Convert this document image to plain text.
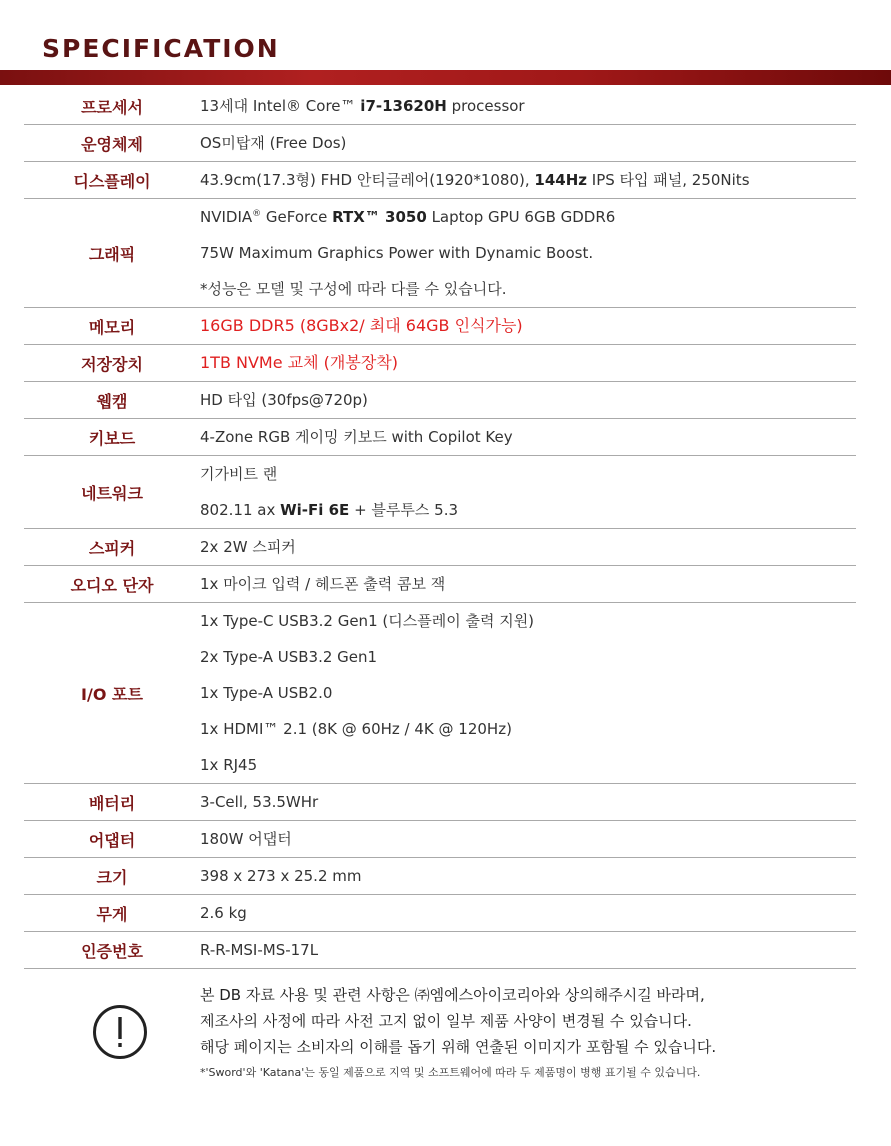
SPECIFICATION
프로세서	13세대 Intel® Core™ i7-13620H processor

운영체제	OS미탑재 (Free Dos)

디스플레이	43.9cm(17.3형) FHD 안티글레어(1920*1080), 144Hz IPS 타입 패널, 250Nits

그래픽	NVIDIA® GeForce RTX™ 3050 Laptop GPU 6GB GDDR6
75W Maximum Graphics Power with Dynamic Boost.
*성능은 모델 및 구성에 따라 다를 수 있습니다.

메모리	16GB DDR5 (8GBx2/ 최대 64GB 인식가능)

저장장치	1TB NVMe 교체 (개봉장착)

웹캠	HD 타입 (30fps@720p)

키보드	4-Zone RGB 게이밍 키보드 with Copilot Key

네트워크	기가비트 랜
802.11 ax Wi-Fi 6E + 블루투스 5.3

스피커	2x 2W 스피커

오디오 단자	1x 마이크 입력 / 헤드폰 출력 콤보 잭

I/O 포트	1x Type-C USB3.2 Gen1 (디스플레이 출력 지원)
2x Type-A USB3.2 Gen1
1x Type-A USB2.0
1x HDMI™ 2.1 (8K @ 60Hz / 4K @ 120Hz)
1x RJ45

배터리	3-Cell, 53.5WHr

어댑터	180W 어댑터

크기	398 x 273 x 25.2 mm

무게	2.6 kg

인증번호	R-R-MSI-MS-17L
본 DB 자료 사용 및 관련 사항은 ㈜엠에스아이코리아와 상의해주시길 바라며,
제조사의 사정에 따라 사전 고지 없이 일부 제품 사양이 변경될 수 있습니다.
해당 페이지는 소비자의 이해를 돕기 위해 연출된 이미지가 포함될 수 있습니다.
*'Sword'와 'Katana'는 동일 제품으로 지역 및 소프트웨어에 따라 두 제품명이 병행 표기될 수 있습니다.
